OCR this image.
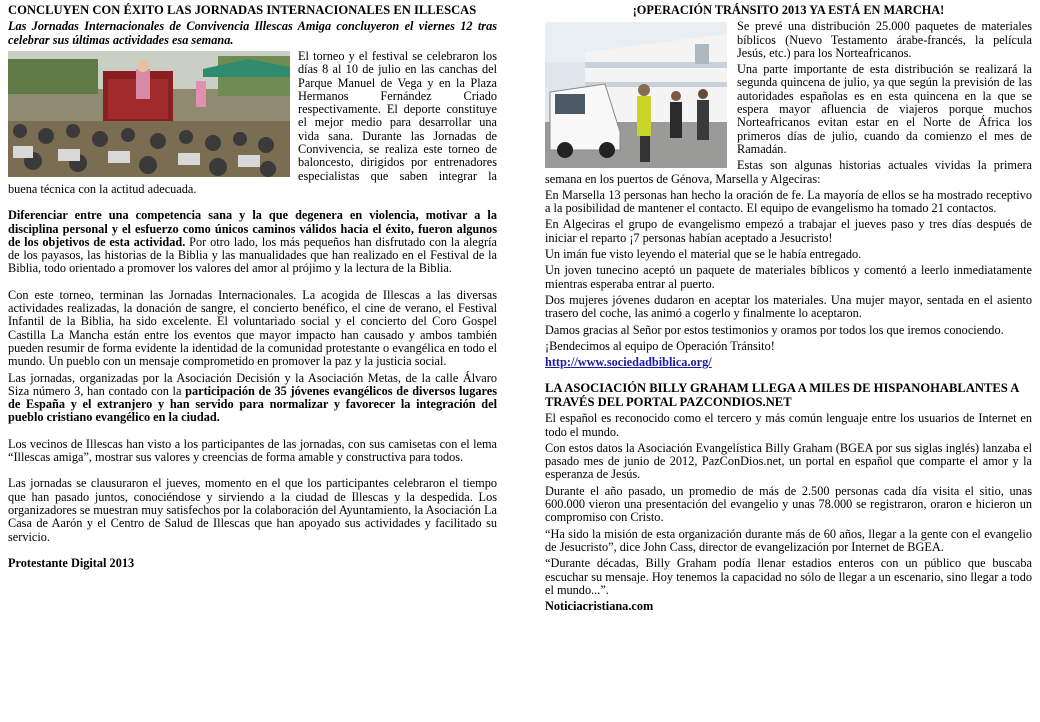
CONCLUYEN CON ÉXITO LAS JORNADAS INTERNACIONALES EN ILLESCAS

Las Jornadas Internacionales de Convivencia Illescas Amiga concluyeron el viernes 12 tras celebrar sus últimas actividades esa semana.

El torneo y el festival se celebraron los días 8 al 10 de julio en las canchas del Parque Manuel de Vega y en la Plaza Hermanos Fernández Criado respectivamente. El deporte constituye el mejor medio para desarrollar una vida sana. Durante las Jornadas de Convivencia, se realiza este torneo de baloncesto, dirigidos por entrenadores especialistas que saben integrar la buena técnica con la actitud adecuada.

Diferenciar entre una competencia sana y la que degenera en violencia, motivar a la disciplina personal y el esfuerzo como únicos caminos válidos hacia el éxito, fueron algunos de los objetivos de esta actividad. Por otro lado, los más pequeños han disfrutado con la alegría de los payasos, las historias de la Biblia y las manualidades que han realizado en el Festival de la Biblia, todo orientado a promover los valores del amor al prójimo y la lectura de la Biblia.

Con este torneo, terminan las Jornadas Internacionales. La acogida de Illescas a las diversas actividades realizadas, la donación de sangre, el concierto benéfico, el cine de verano, el Festival Infantil de la Biblia, ha sido excelente. El voluntariado social y el concierto del Coro Gospel Castilla La Mancha están entre los eventos que mayor impacto han causado y ambos también pueden resumir de forma evidente la identidad de la comunidad protestante o evangélica en todo el mundo. Un pueblo con un mensaje comprometido en promover la paz y la justicia social.

Las jornadas, organizadas por la Asociación Decisión y la Asociación Metas, de la calle Álvaro Siza número 3, han contado con la participación de 35 jóvenes evangélicos de diversos lugares de España y el extranjero y han servido para normalizar y favorecer la integración del pueblo cristiano evangélico en la ciudad.

Los vecinos de Illescas han visto a los participantes de las jornadas, con sus camisetas con el lema “Illescas amiga”, mostrar sus valores y creencias de forma amable y constructiva para todos.

Las jornadas se clausuraron el jueves, momento en el que los participantes celebraron el tiempo que han pasado juntos, conociéndose y sirviendo a la ciudad de Illescas y la despedida. Los organizadores se muestran muy satisfechos por la colaboración del Ayuntamiento, la Asociación La Casa de Aarón y el Centro de Salud de Illescas que han apoyado sus actividades y facilitado su servicio.

Protestante Digital 2013

¡OPERACIÓN TRÁNSITO 2013 YA ESTÁ EN MARCHA!

Se prevé una distribución 25.000 paquetes de materiales bíblicos (Nuevo Testamento árabe-francés, la película Jesús, etc.) para los Norteafricanos.

Una parte importante de esta distribución se realizará la segunda quincena de julio, ya que según la previsión de las autoridades españolas es en esta quincena en la que se espera mayor afluencia de viajeros porque muchos Norteafricanos evitan estar en el Norte de África los primeros días de julio, cuando da comienzo el mes de Ramadán.

Estas son algunas historias actuales vividas la primera semana en los puertos de Génova, Marsella y Algeciras:

En Marsella 13 personas han hecho la oración de fe. La mayoría de ellos se ha mostrado receptivo a la posibilidad de mantener el contacto. El equipo de evangelismo ha tomado 21 contactos.

En Algeciras el grupo de evangelismo empezó a trabajar el jueves paso y tres días después de iniciar el reparto ¡7 personas habían aceptado a Jesucristo!

Un imán fue visto leyendo el material que se le había entregado.

Un joven tunecino aceptó un paquete de materiales bíblicos y comentó a leerlo inmediatamente mientras esperaba entrar al puerto.

Dos mujeres jóvenes dudaron en aceptar los materiales. Una mujer mayor, sentada en el asiento trasero del coche, las animó a cogerlo y finalmente lo aceptaron.

Damos gracias al Señor por estos testimonios y oramos por todos los que iremos conociendo.

¡Bendecimos al equipo de Operación Tránsito!

http://www.sociedadbiblica.org/

LA ASOCIACIÓN BILLY GRAHAM LLEGA A MILES DE HISPANOHABLANTES A TRAVÉS DEL PORTAL PAZCONDIOS.NET

El español es reconocido como el tercero y más común lenguaje entre los usuarios de Internet en todo el mundo.

Con estos datos la Asociación Evangelística Billy Graham (BGEA por sus siglas inglés) lanzaba el pasado mes de junio de 2012, PazConDios.net, un portal en español que comparte el amor y la esperanza de Jesús.

Durante el año pasado, un promedio de más de 2.500 personas cada día visita el sitio, unas 600.000 vieron una presentación del evangelio y unas 78.000 se registraron, oraron e hicieron un compromiso con Cristo.

“Ha sido la misión de esta organización durante más de 60 años, llegar a la gente con el evangelio de Jesucristo”, dice John Cass, director de evangelización por Internet de BGEA.

“Durante décadas, Billy Graham podía llenar estadios enteros con un público que buscaba escuchar su mensaje. Hoy tenemos la capacidad no sólo de llegar a un escenario, sino llegar a todo el mundo...”.

Noticiacristiana.com
